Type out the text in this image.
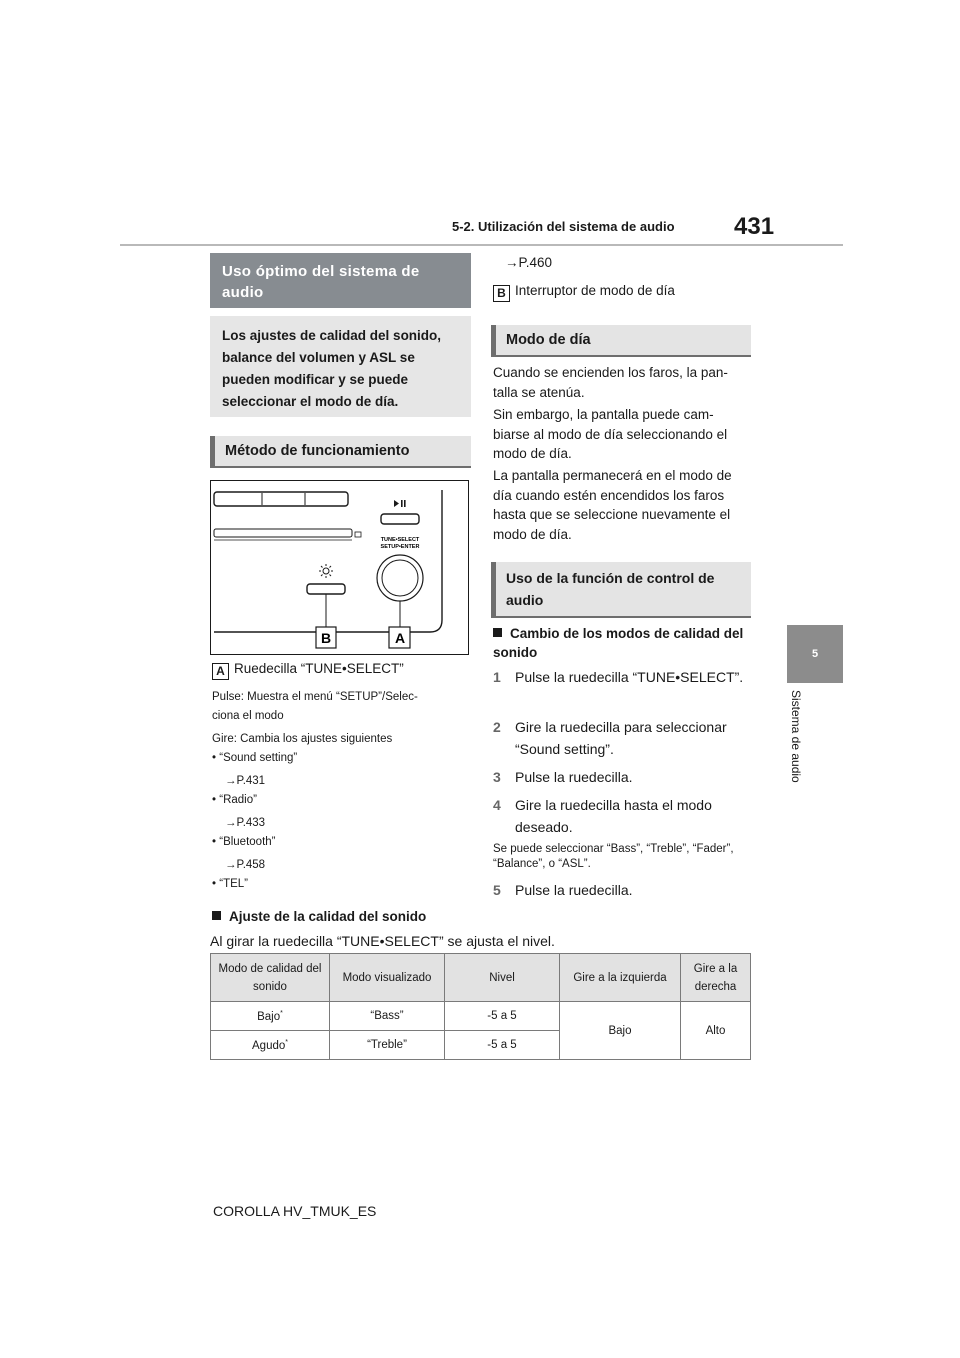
5-2. Utilización del sistema de audio 431
5
Sistema de audio
Uso óptimo del sistema de audio
Los ajustes de calidad del sonido, balance del volumen y ASL se pueden modificar y se puede seleccionar el modo de día.
Método de funcionamiento
TUNE•SELECT
SETUP•ENTER
B	A
A Ruedecilla “TUNE•SELECT”
Pulse: Muestra el menú “SETUP”/Selec-
ciona el modo
Gire: Cambia los ajustes siguientes
• “Sound setting”
→P.431
• “Radio”
→P.433
• “Bluetooth”
→P.458
• “TEL”
→P.460
B Interruptor de modo de día
Modo de día
Cuando se encienden los faros, la pan- talla se atenúa.
Sin embargo, la pantalla puede cam- biarse al modo de día seleccionando el modo de día.
La pantalla permanecerá en el modo de día cuando estén encendidos los faros hasta que se seleccione nuevamente el modo de día.
Uso de la función de control de audio
Cambio de los modos de calidad del sonido
1	Pulse la ruedecilla “TUNE•SELECT”.
2	Gire la ruedecilla para seleccionar “Sound setting”.
3	Pulse la ruedecilla.
4	Gire la ruedecilla hasta el modo deseado.
Se puede seleccionar “Bass”, “Treble”, “Fader”, “Balance”, o “ASL”.
5	Pulse la ruedecilla.
Ajuste de la calidad del sonido
Al girar la ruedecilla “TUNE•SELECT” se ajusta el nivel.
Modo de calidad del sonido	Modo visualizado	Nivel	Gire a la izquierda	Gire a la derecha
Bajo*	“Bass”	-5 a 5	Bajo	Alto
Agudo*	“Treble”	-5 a 5		
COROLLA HV_TMUK_ES
